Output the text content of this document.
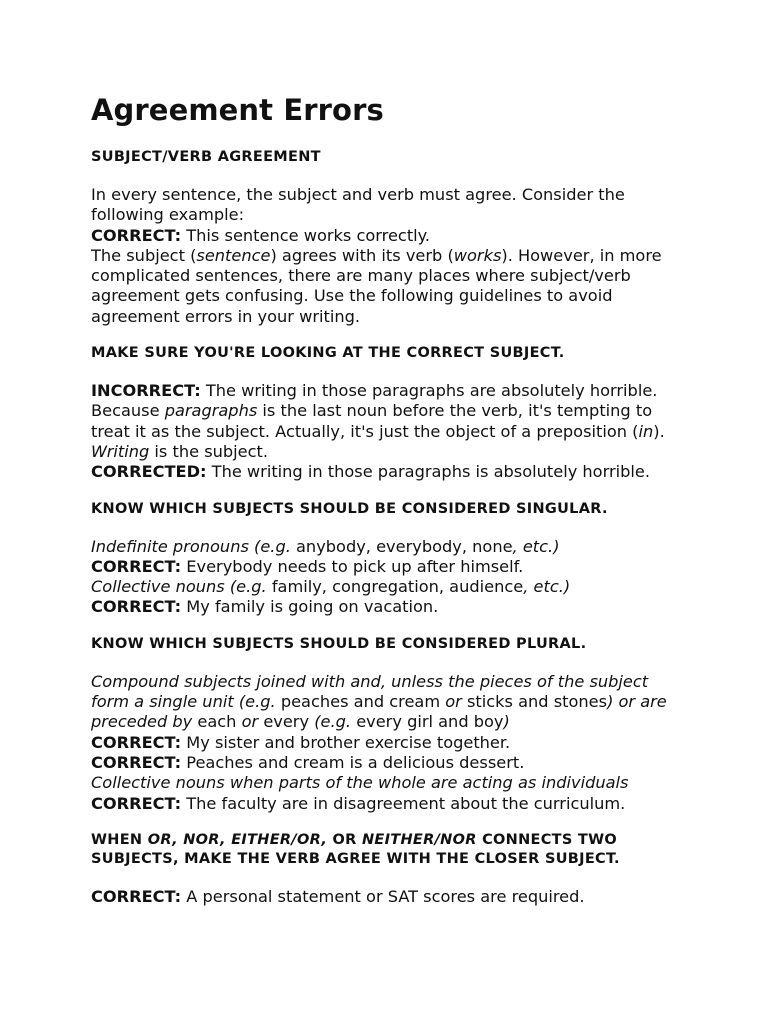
Agreement Errors
SUBJECT/VERB AGREEMENT

In every sentence, the subject and verb must agree. Consider the following example:

CORRECT: This sentence works correctly.

The subject (sentence) agrees with its verb (works). However, in more complicated sentences, there are many places where subject/verb agreement gets confusing. Use the following guidelines to avoid agreement errors in your writing.

MAKE SURE YOU'RE LOOKING AT THE CORRECT SUBJECT.

INCORRECT: The writing in those paragraphs are absolutely horrible.

Because paragraphs is the last noun before the verb, it's tempting to treat it as the subject. Actually, it's just the object of a preposition (in). Writing is the subject.

CORRECTED: The writing in those paragraphs is absolutely horrible.

KNOW WHICH SUBJECTS SHOULD BE CONSIDERED SINGULAR.

Indefinite pronouns (e.g. anybody, everybody, none, etc.)

CORRECT: Everybody needs to pick up after himself.

Collective nouns (e.g. family, congregation, audience, etc.)

CORRECT: My family is going on vacation.

KNOW WHICH SUBJECTS SHOULD BE CONSIDERED PLURAL.

Compound subjects joined with and, unless the pieces of the subject form a single unit (e.g. peaches and cream or sticks and stones) or are preceded by each or every (e.g. every girl and boy)

CORRECT: My sister and brother exercise together.

CORRECT: Peaches and cream is a delicious dessert.

Collective nouns when parts of the whole are acting as individuals

CORRECT: The faculty are in disagreement about the curriculum.

WHEN OR, NOR, EITHER/OR, OR NEITHER/NOR CONNECTS TWO SUBJECTS, MAKE THE VERB AGREE WITH THE CLOSER SUBJECT.

CORRECT: A personal statement or SAT scores are required.
